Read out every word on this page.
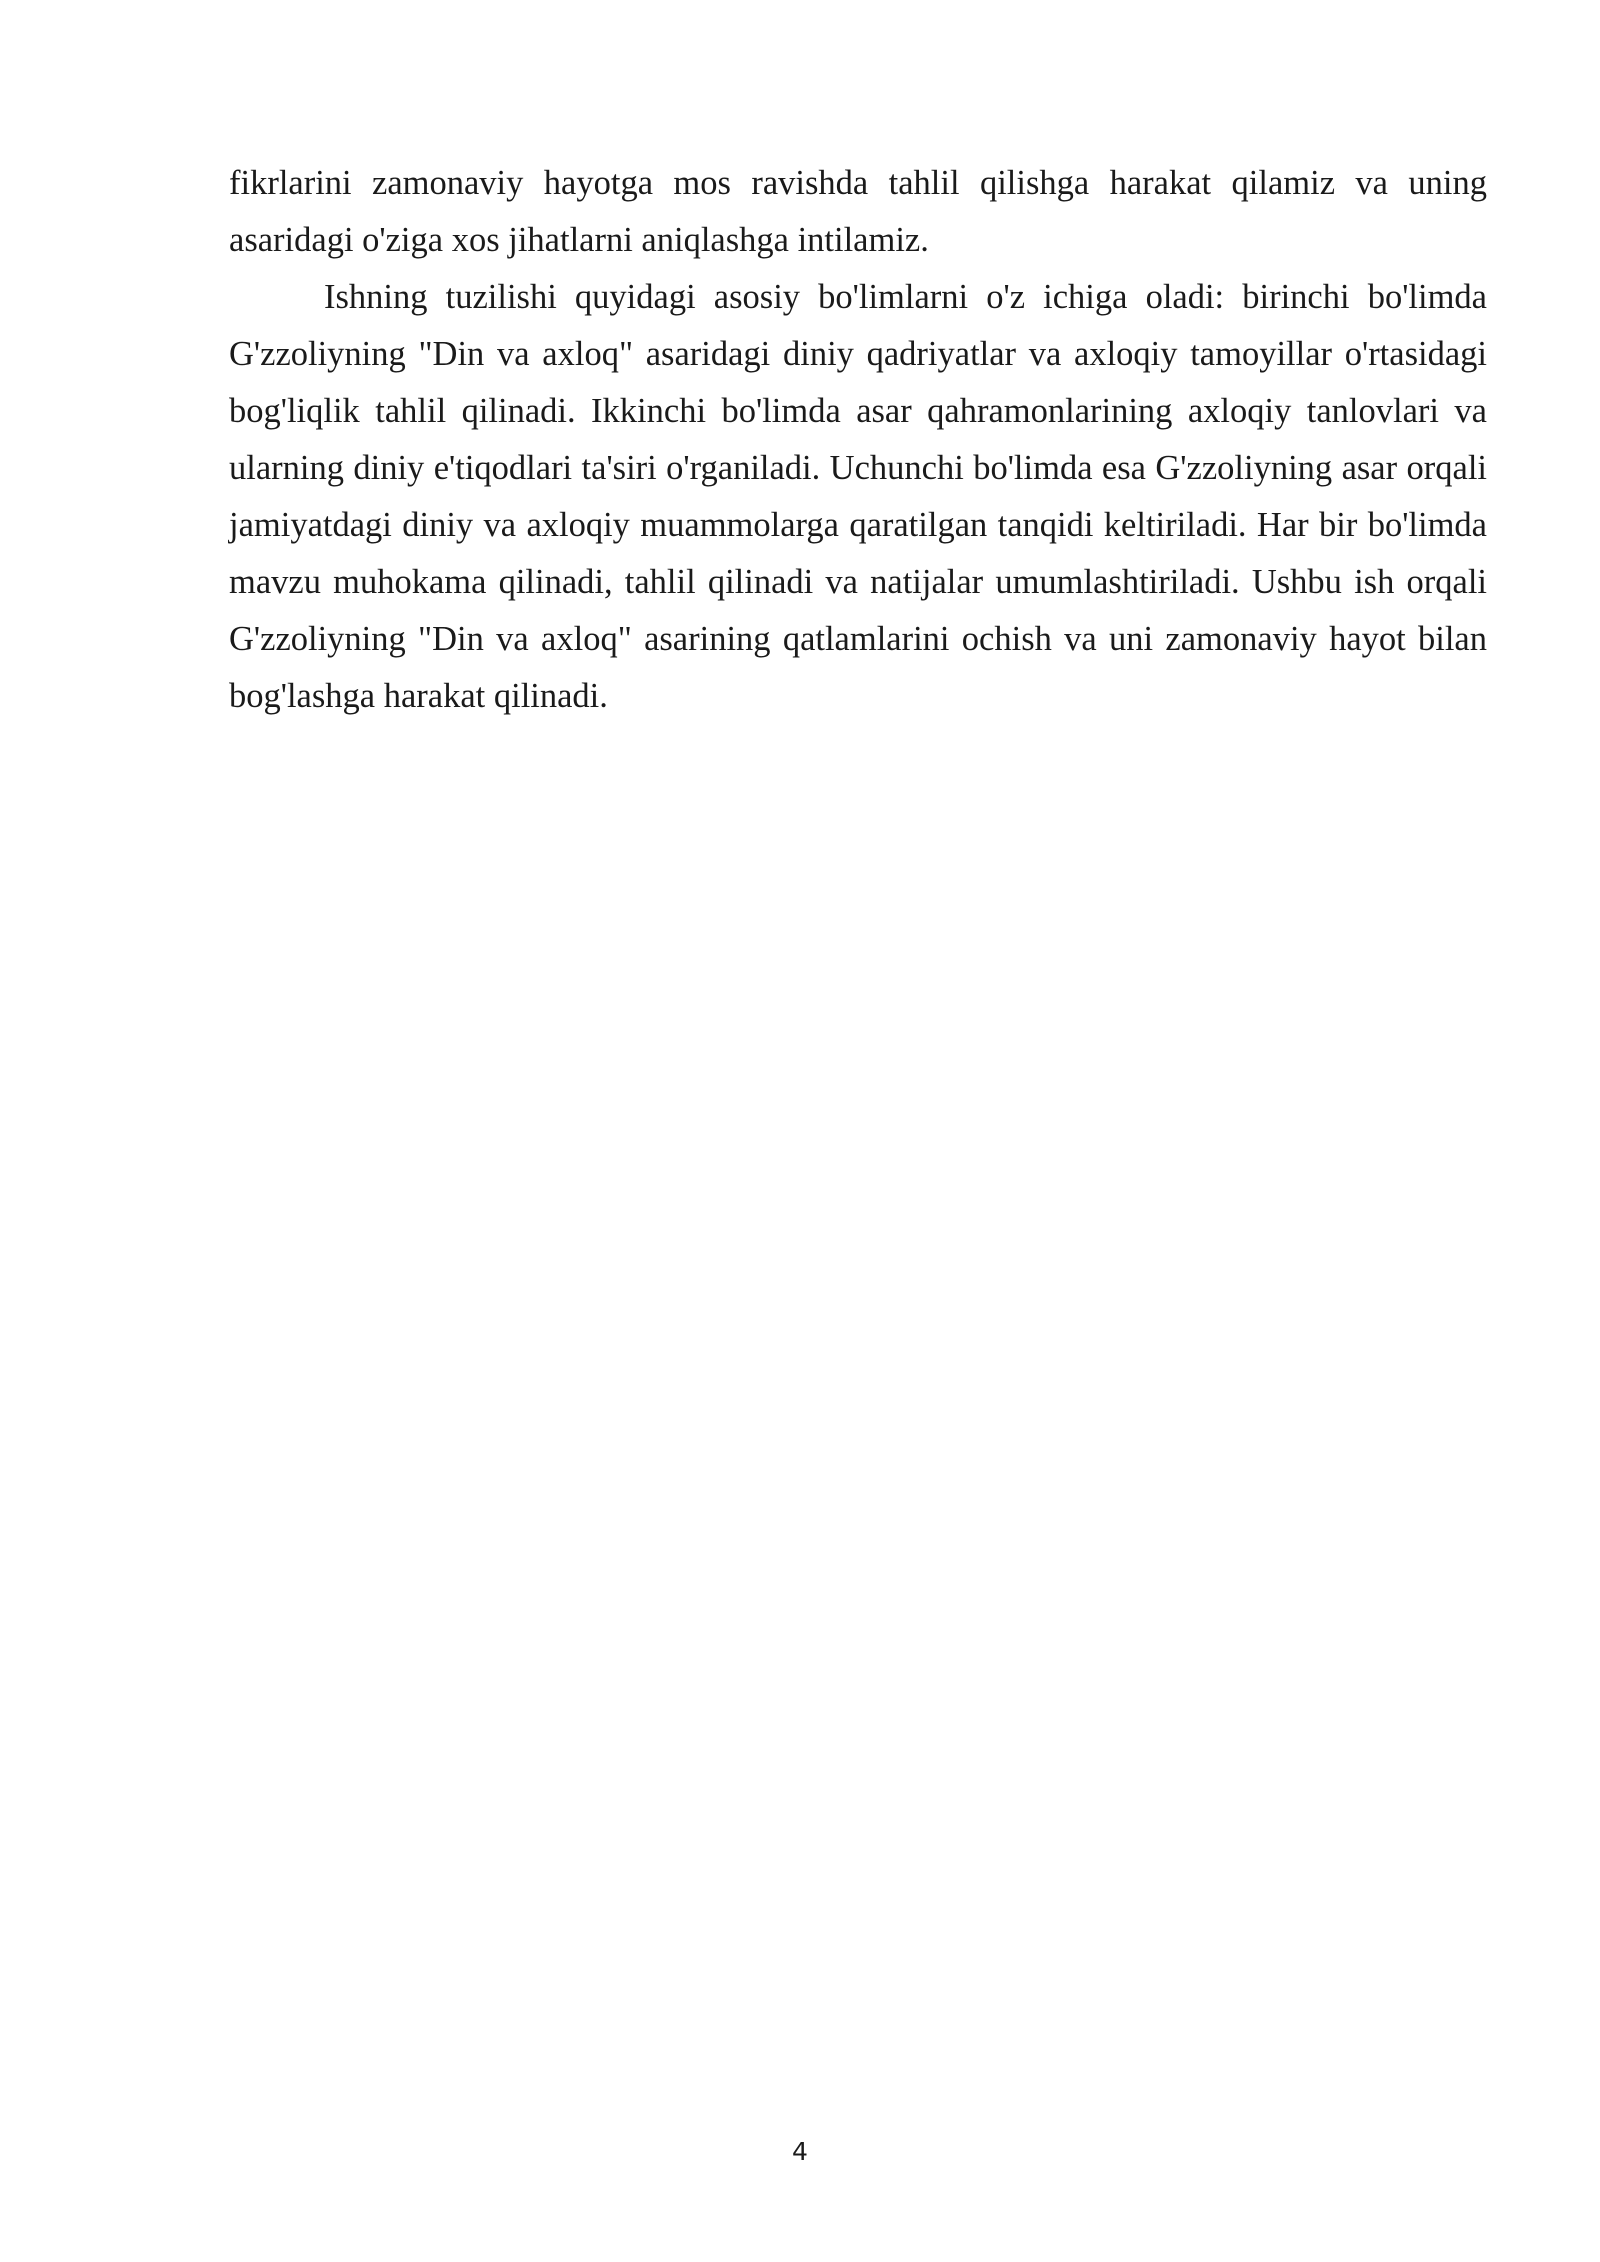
fikrlarini zamonaviy hayotga mos ravishda tahlil qilishga harakat qilamiz va uning asaridagi o'ziga xos jihatlarni aniqlashga intilamiz.

Ishning tuzilishi quyidagi asosiy bo'limlarni o'z ichiga oladi: birinchi bo'limda G'zzoliyning "Din va axloq" asaridagi diniy qadriyatlar va axloqiy tamoyillar o'rtasidagi bog'liqlik tahlil qilinadi. Ikkinchi bo'limda asar qahramonlarining axloqiy tanlovlari va ularning diniy e'tiqodlari ta'siri o'rganiladi. Uchunchi bo'limda esa G'zzoliyning asar orqali jamiyatdagi diniy va axloqiy muammolarga qaratilgan tanqidi keltiriladi. Har bir bo'limda mavzu muhokama qilinadi, tahlil qilinadi va natijalar umumlashtiriladi. Ushbu ish orqali G'zzoliyning "Din va axloq" asarining qatlamlarini ochish va uni zamonaviy hayot bilan bog'lashga harakat qilinadi.

4
